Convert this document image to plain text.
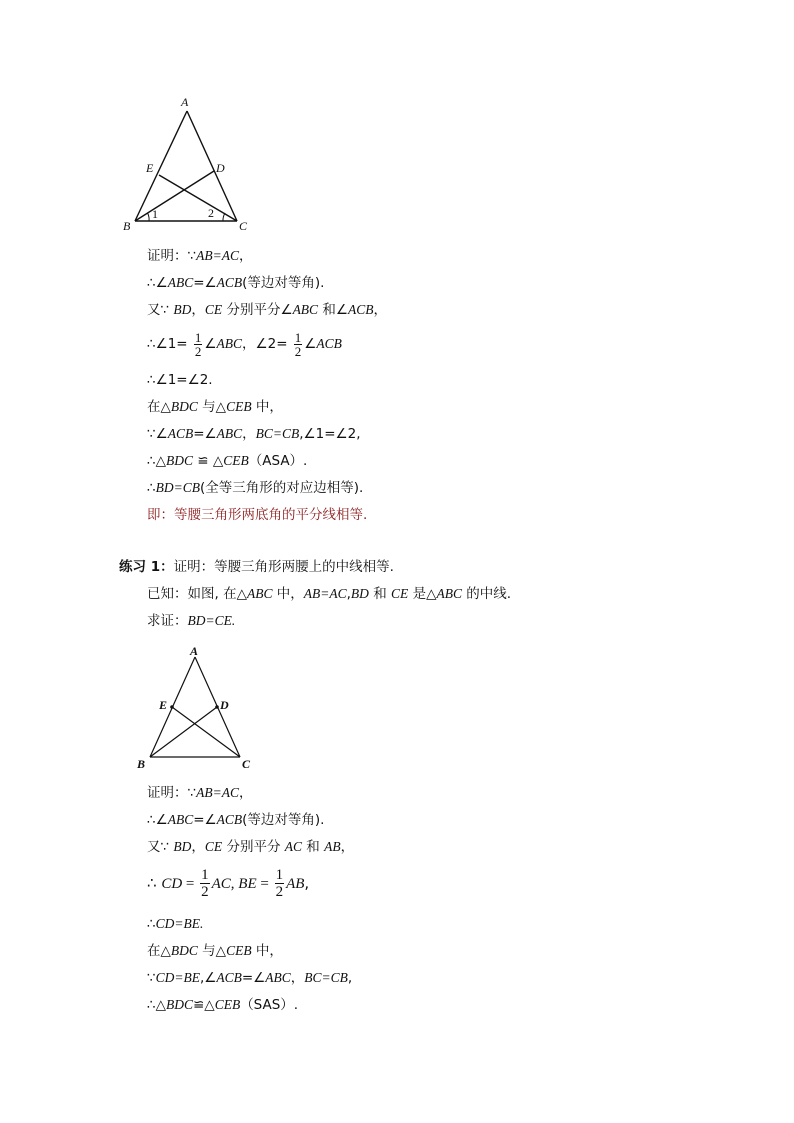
A
B	C
D
E
1	2
证明：∵AB=AC，
∴∠ABC=∠ACB(等边对等角).
又∵ BD，CE 分别平分∠ABC 和∠ACB，
∴∠1= $\frac{1}{2}$ ∠ABC，∠2= $\frac{1}{2}$ ∠ACB
∴∠1=∠2.
在△BDC 与△CEB 中，
∵∠ACB=∠ABC，BC=CB,∠1=∠2,
∴△BDC ≌ △CEB（ASA）.
∴BD=CB(全等三角形的对应边相等).
即：等腰三角形两底角的平分线相等.
练习 1：证明：等腰三角形两腰上的中线相等.
已知：如图, 在△ABC 中，AB=AC,BD 和 CE 是△ABC 的中线.
求证：BD=CE.
A
B	C
D
E
证明：∵AB=AC，
∴∠ABC=∠ACB(等边对等角).
又∵ BD，CE 分别平分 AC 和 AB，
∴ CD = $\frac{1}{2}$ AC, BE = $\frac{1}{2}$ AB,
∴CD=BE.
在△BDC 与△CEB 中，
∵CD=BE,∠ACB=∠ABC，BC=CB,
∴△BDC≌△CEB（SAS）.
